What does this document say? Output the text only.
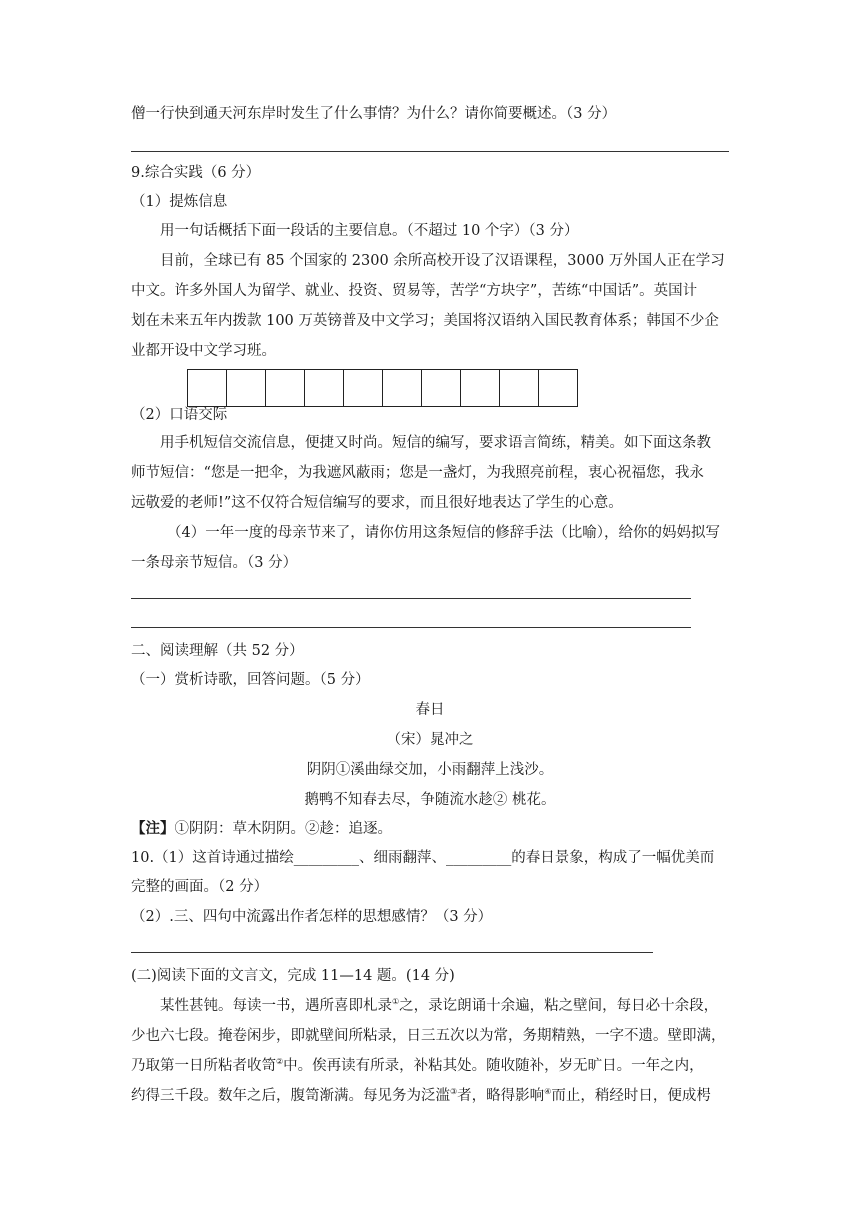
僧一行快到通天河东岸时发生了什么事情？为什么？请你简要概述。（3 分）
9.综合实践（6 分）
（1）提炼信息
用一句话概括下面一段话的主要信息。（不超过 10 个字）（3 分）
目前，全球已有 85 个国家的 2300 余所高校开设了汉语课程，3000 万外国人正在学习
中文。许多外国人为留学、就业、投资、贸易等，苦学“方块字”，苦练“中国话”。英国计
划在未来五年内拨款 100 万英镑普及中文学习；美国将汉语纳入国民教育体系；韩国不少企
业都开设中文学习班。
（2）口语交际
用手机短信交流信息，便捷又时尚。短信的编写，要求语言简练，精美。如下面这条教
师节短信：“您是一把伞，为我遮风蔽雨；您是一盏灯，为我照亮前程，衷心祝福您，我永
远敬爱的老师!”这不仅符合短信编写的要求，而且很好地表达了学生的心意。
（4）一年一度的母亲节来了，请你仿用这条短信的修辞手法（比喻），给你的妈妈拟写
一条母亲节短信。（3 分）
二、阅读理解（共 52 分）
（一）赏析诗歌，回答问题。（5 分）
春日
（宋）晁冲之
阴阴①溪曲绿交加，小雨翻萍上浅沙。
鹅鸭不知春去尽，争随流水趁② 桃花。
【注】①阴阴：草木阴阴。②趁：追逐。
10.（1）这首诗通过描绘_________、细雨翻萍、_________的春日景象，构成了一幅优美而
完整的画面。（2 分）
（2）.三、四句中流露出作者怎样的思想感情？（3 分）
(二)阅读下面的文言文，完成 11—14 题。(14 分)
某性甚钝。每读一书，遇所喜即札录①之，录讫朗诵十余遍，粘之壁间，每日必十余段，
少也六七段。掩卷闲步，即就壁间所粘录，日三五次以为常，务期精熟，一字不遗。壁即满，
乃取第一日所粘者收笥②中。俟再读有所录，补粘其处。随收随补，岁无旷日。一年之内，
约得三千段。数年之后，腹笥渐满。每见务为泛滥③者，略得影响④而止，稍经时日，便成枵
